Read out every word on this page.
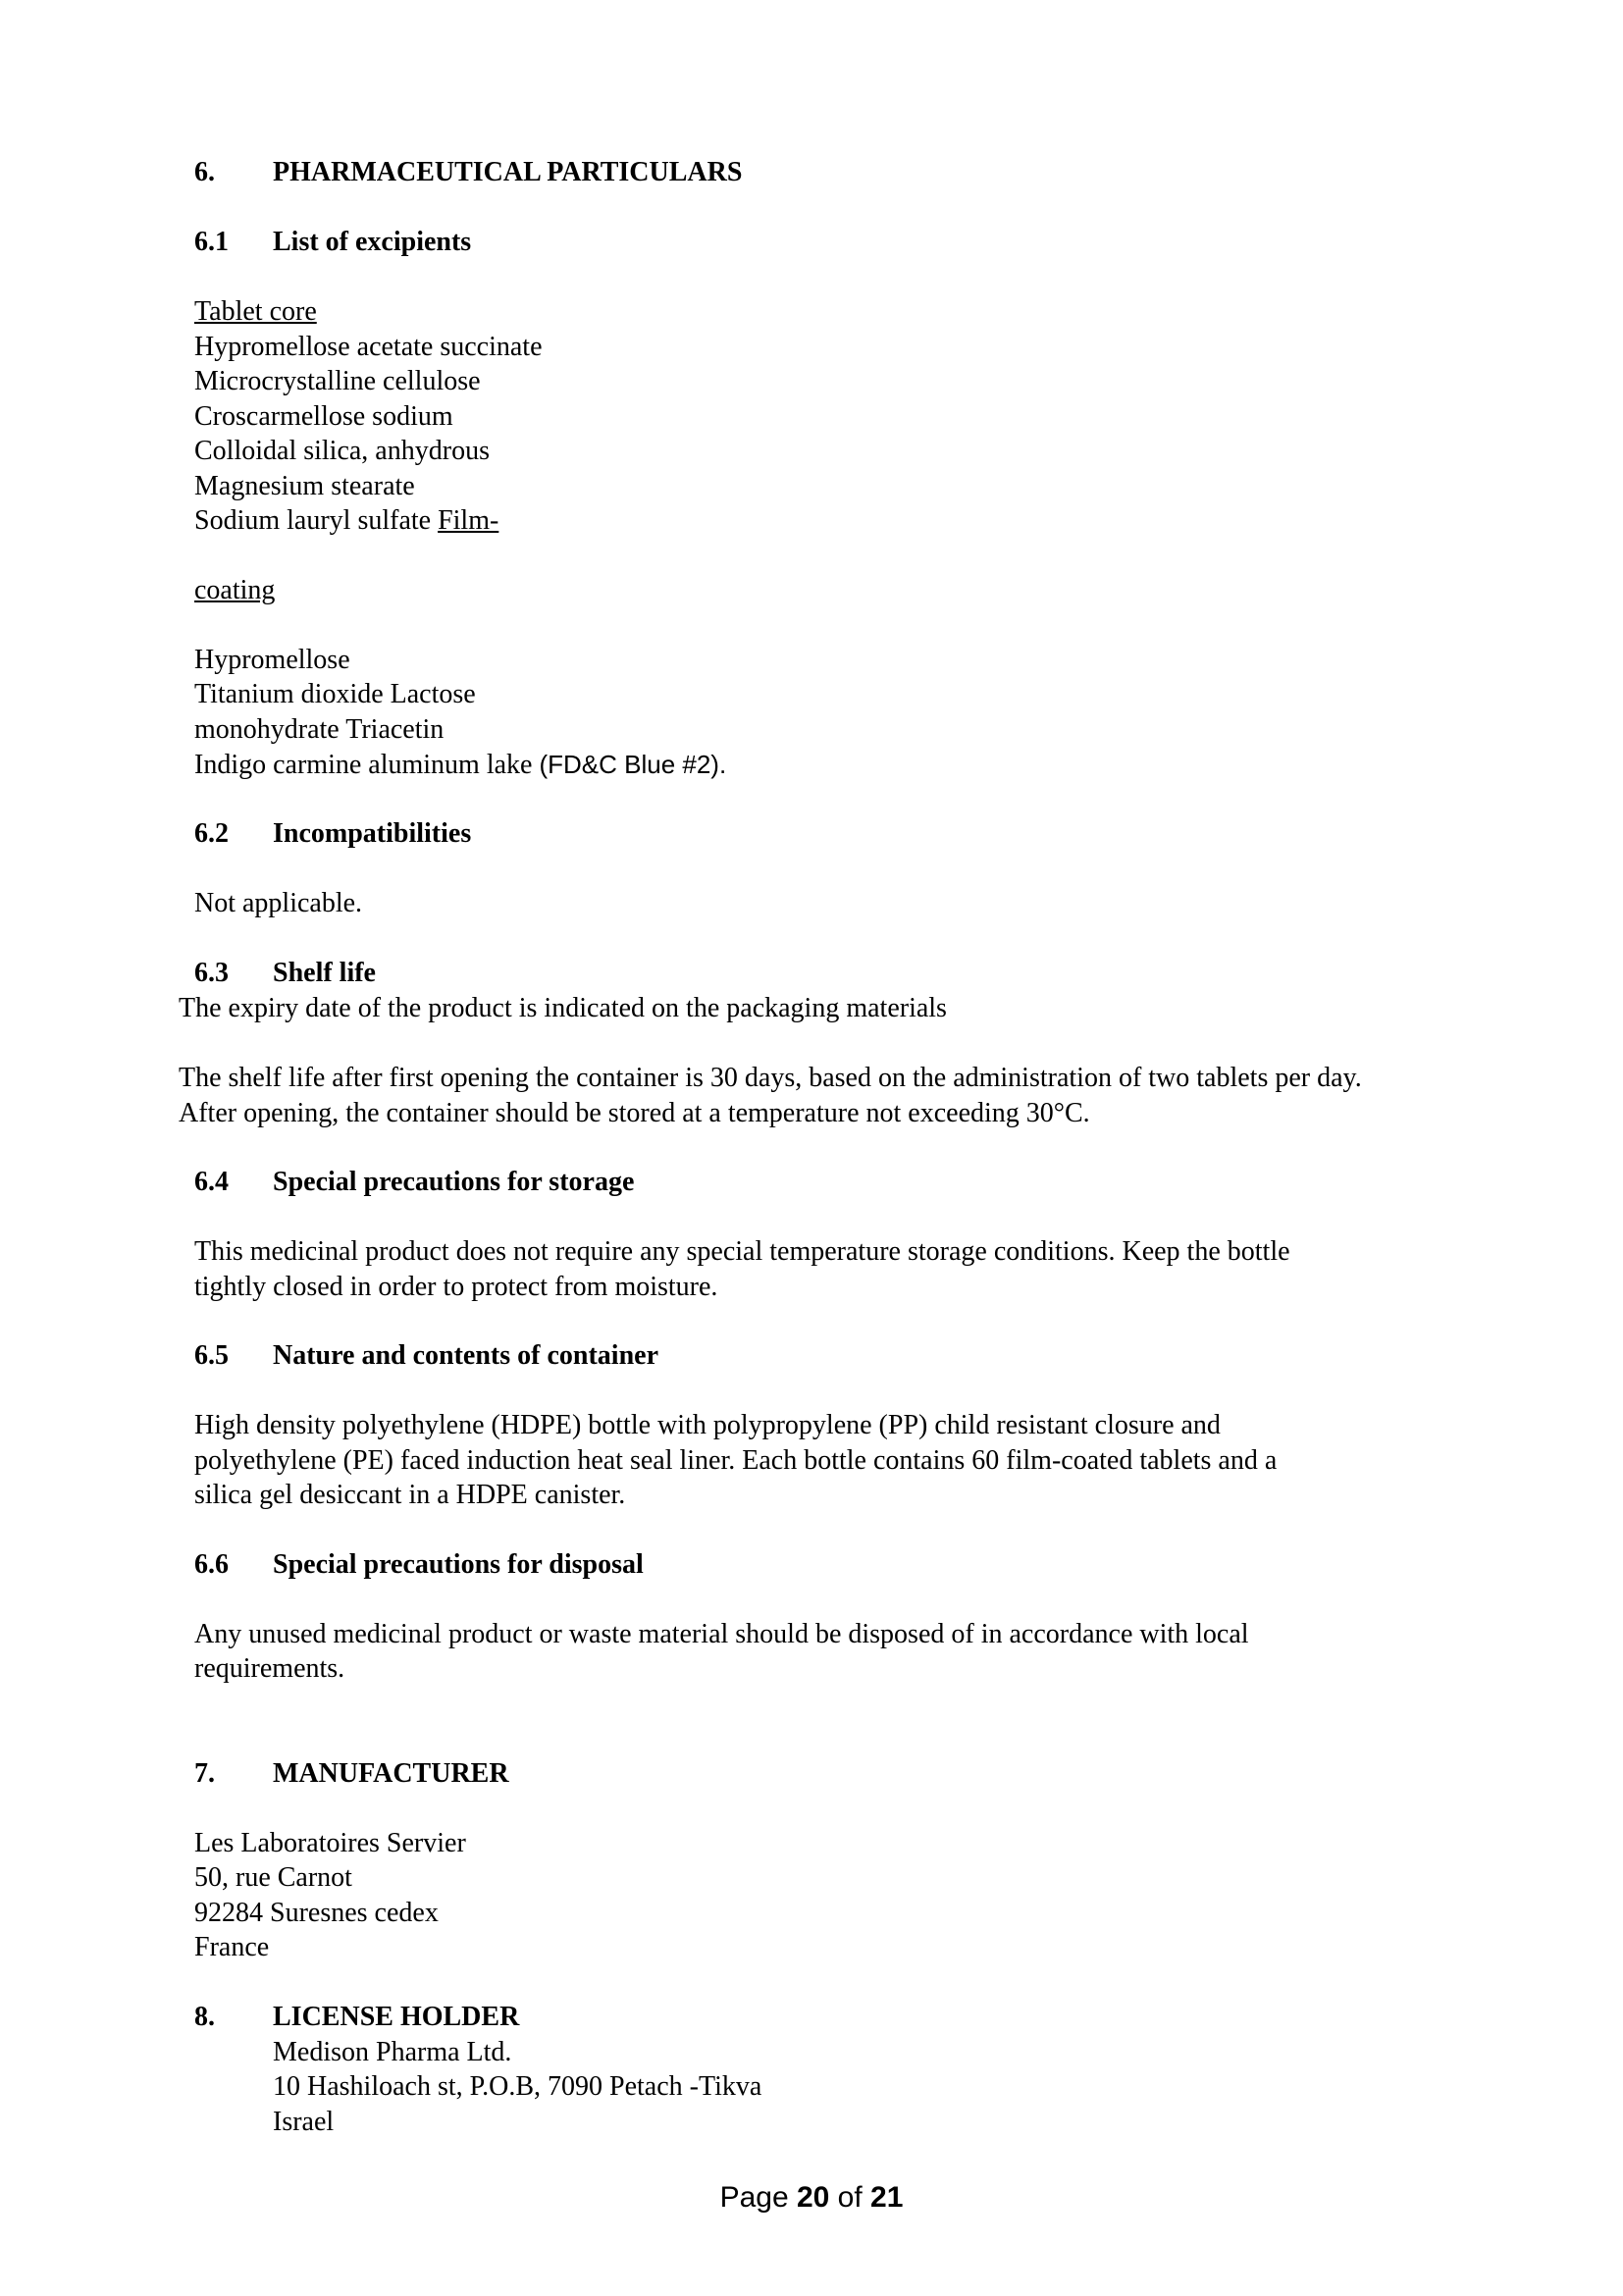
6. PHARMACEUTICAL PARTICULARS
6.1 List of excipients
Tablet core
Hypromellose acetate succinate
Microcrystalline cellulose
Croscarmellose sodium
Colloidal silica, anhydrous
Magnesium stearate
Sodium lauryl sulfate Film-
coating
Hypromellose
Titanium dioxide Lactose
monohydrate Triacetin
Indigo carmine aluminum lake (FD&C Blue #2).
6.2 Incompatibilities
Not applicable.
6.3 Shelf life
The expiry date of the product is indicated on the packaging materials
The shelf life after first opening the container is 30 days, based on the administration of two tablets per day.
After opening, the container should be stored at a temperature not exceeding 30°C.
6.4 Special precautions for storage
This medicinal product does not require any special temperature storage conditions. Keep the bottle
tightly closed in order to protect from moisture.
6.5 Nature and contents of container
High density polyethylene (HDPE) bottle with polypropylene (PP) child resistant closure and
polyethylene (PE) faced induction heat seal liner. Each bottle contains 60 film-coated tablets and a
silica gel desiccant in a HDPE canister.
6.6 Special precautions for disposal
Any unused medicinal product or waste material should be disposed of in accordance with local
requirements.
7. MANUFACTURER
Les Laboratoires Servier
50, rue Carnot
92284 Suresnes cedex
France
8. LICENSE HOLDER
Medison Pharma Ltd.
10 Hashiloach st, P.O.B, 7090 Petach -Tikva
Israel
Page 20 of 21
